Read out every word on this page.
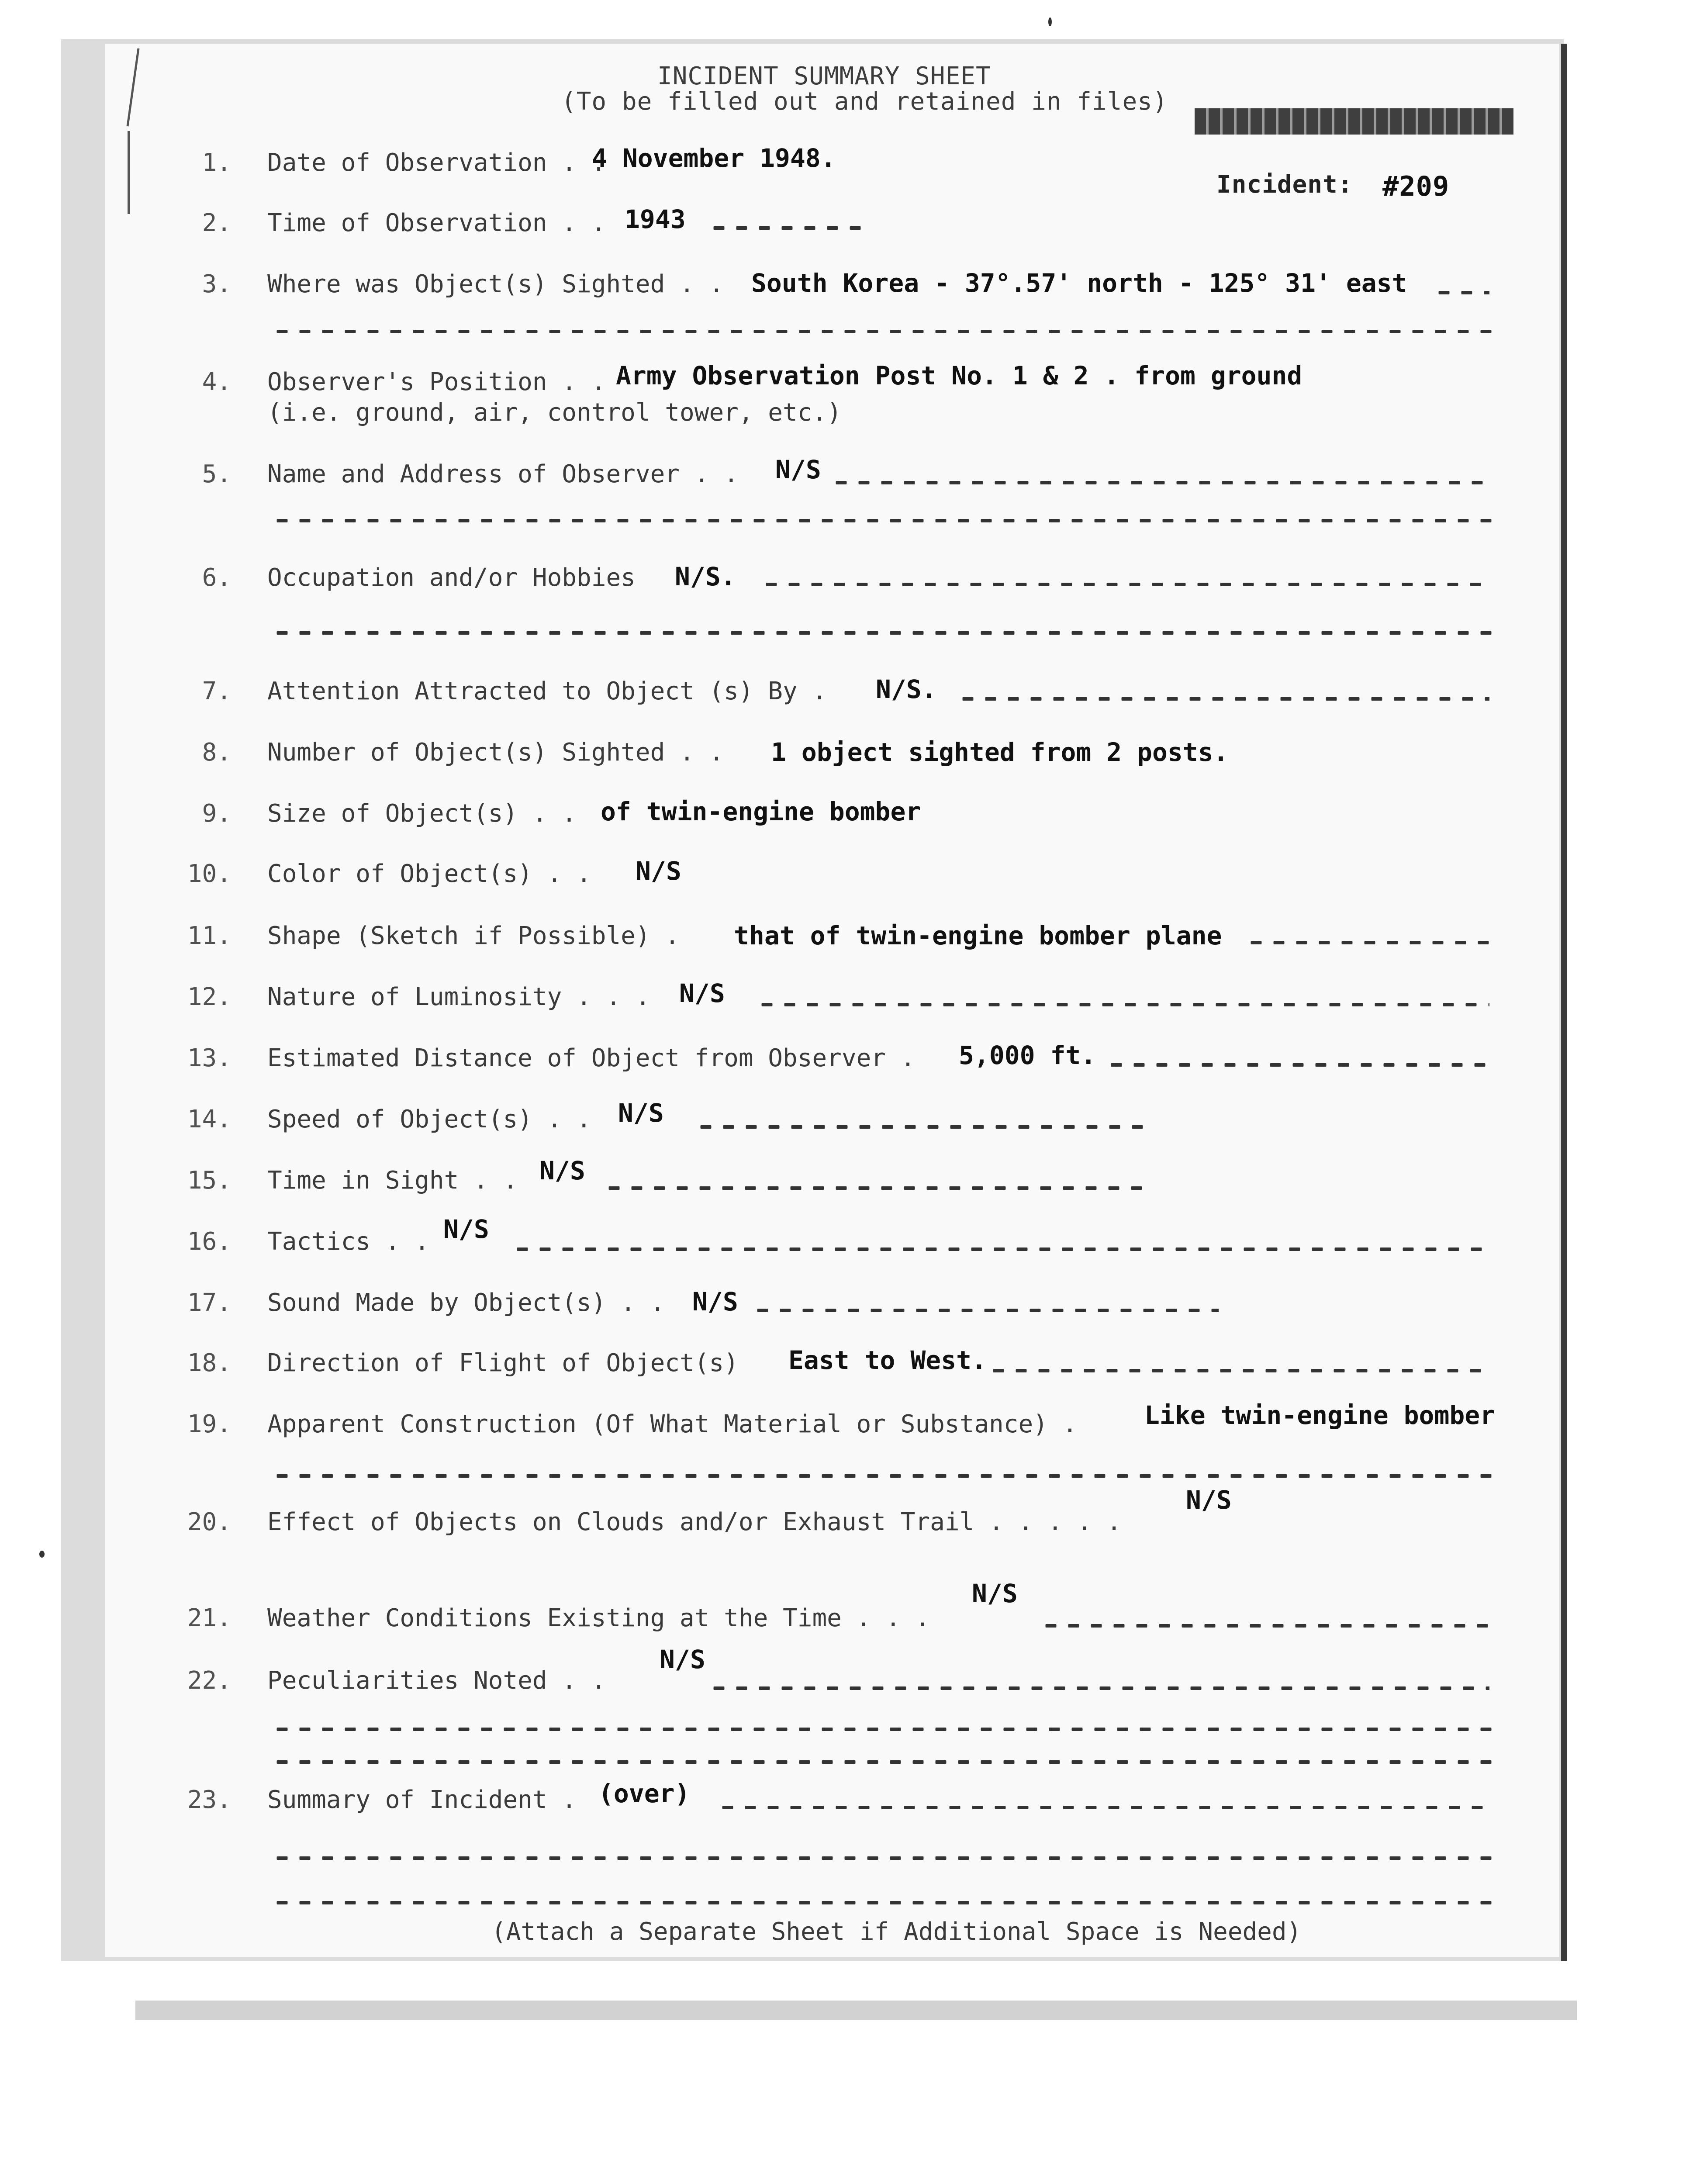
INCIDENT SUMMARY SHEET
(To be filled out and retained in files)
Incident: #209
1. Date of Observation . .
4 November 1948.
2. Time of Observation . . 1943
3. Where was Object(s) Sighted . . South Korea - 37°.57' north - 125° 31' east
4. Observer's Position . . Army Observation Post No. 1 & 2 . from ground
(i.e. ground, air, control tower, etc.)
5. Name and Address of Observer . . N/S
6. Occupation and/or Hobbies N/S.
7. Attention Attracted to Object (s) By . N/S.
8. Number of Object(s) Sighted . . 1 object sighted from 2 posts.
9. Size of Object(s) . . of twin-engine bomber
10. Color of Object(s) . . N/S
11. Shape (Sketch if Possible) . that of twin-engine bomber plane
12. Nature of Luminosity . . . N/S
13. Estimated Distance of Object from Observer . 5,000 ft.
14. Speed of Object(s) . . N/S
15. Time in Sight . . N/S
16. Tactics . . N/S
17. Sound Made by Object(s) . . N/S
18. Direction of Flight of Object(s) East to West.
19. Apparent Construction (Of What Material or Substance) .	Like twin-engine bomber
20. Effect of Objects on Clouds and/or Exhaust Trail . . . . .
N/S
21. Weather Conditions Existing at the Time . . .
N/S
22. Peculiarities Noted . .
N/S
23. Summary of Incident . (over)
(Attach a Separate Sheet if Additional Space is Needed)
